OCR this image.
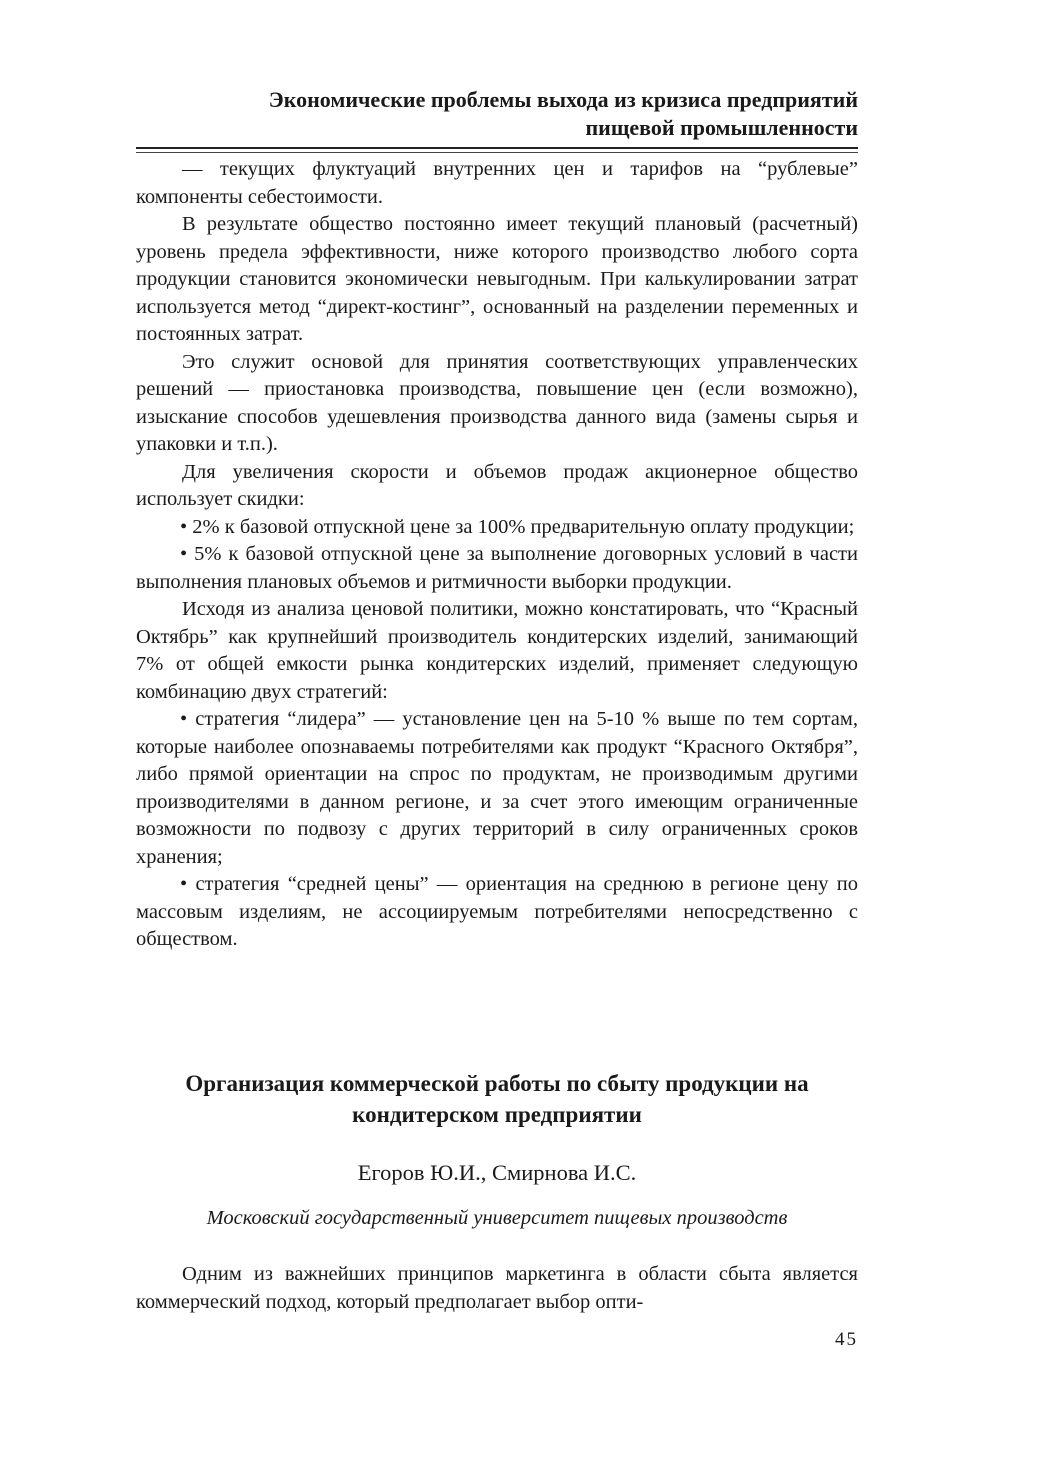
Экономические проблемы выхода из кризиса предприятий
пищевой промышленности

— текущих флуктуаций внутренних цен и тарифов на “рублевые” компоненты себестоимости.

В результате общество постоянно имеет текущий плановый (расчетный) уровень предела эффективности, ниже которого производство любого сорта продукции становится экономически невыгодным. При калькулировании затрат используется метод “директ-костинг”, основанный на разделении переменных и постоянных затрат.

Это служит основой для принятия соответствующих управленческих решений — приостановка производства, повышение цен (если возможно), изыскание способов удешевления производства данного вида (замены сырья и упаковки и т.п.).

Для увеличения скорости и объемов продаж акционерное общество использует скидки:

• 2% к базовой отпускной цене за 100% предварительную оплату продукции;

• 5% к базовой отпускной цене за выполнение договорных условий в части выполнения плановых объемов и ритмичности выборки продукции.

Исходя из анализа ценовой политики, можно констатировать, что “Красный Октябрь” как крупнейший производитель кондитерских изделий, занимающий 7% от общей емкости рынка кондитерских изделий, применяет следующую комбинацию двух стратегий:

• стратегия “лидера” — установление цен на 5-10 % выше по тем сортам, которые наиболее опознаваемы потребителями как продукт “Красного Октября”, либо прямой ориентации на спрос по продуктам, не производимым другими производителями в данном регионе, и за счет этого имеющим ограниченные возможности по подвозу с других территорий в силу ограниченных сроков хранения;

• стратегия “средней цены” — ориентация на среднюю в регионе цену по массовым изделиям, не ассоциируемым потребителями непосредственно с обществом.

Организация коммерческой работы по сбыту продукции на
кондитерском предприятии
Егоров Ю.И., Смирнова И.С.
Московский государственный университет пищевых производств

Одним из важнейших принципов маркетинга в области сбыта является коммерческий подход, который предполагает выбор опти-

45
